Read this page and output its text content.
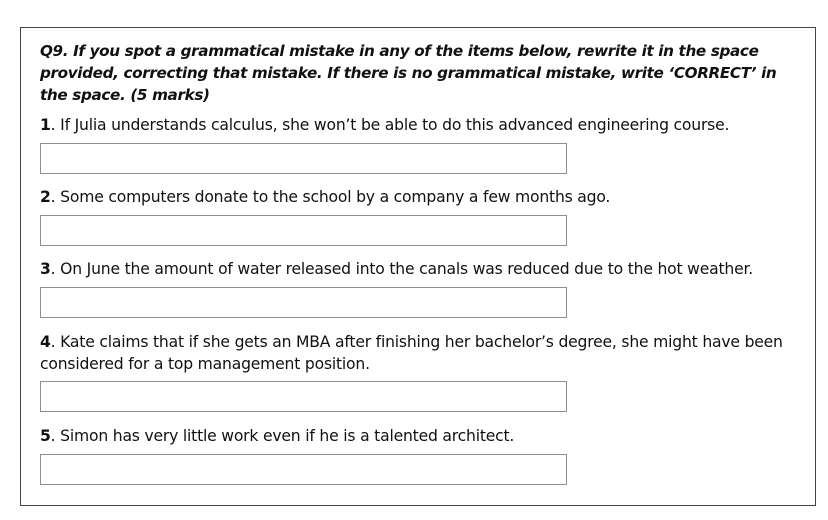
Q9. If you spot a grammatical mistake in any of the items below, rewrite it in the space provided, correcting that mistake. If there is no grammatical mistake, write ‘CORRECT’ in the space. (5 marks)

1. If Julia understands calculus, she won’t be able to do this advanced engineering course.

2. Some computers donate to the school by a company a few months ago.

3. On June the amount of water released into the canals was reduced due to the hot weather.

4. Kate claims that if she gets an MBA after finishing her bachelor’s degree, she might have been considered for a top management position.

5. Simon has very little work even if he is a talented architect.
